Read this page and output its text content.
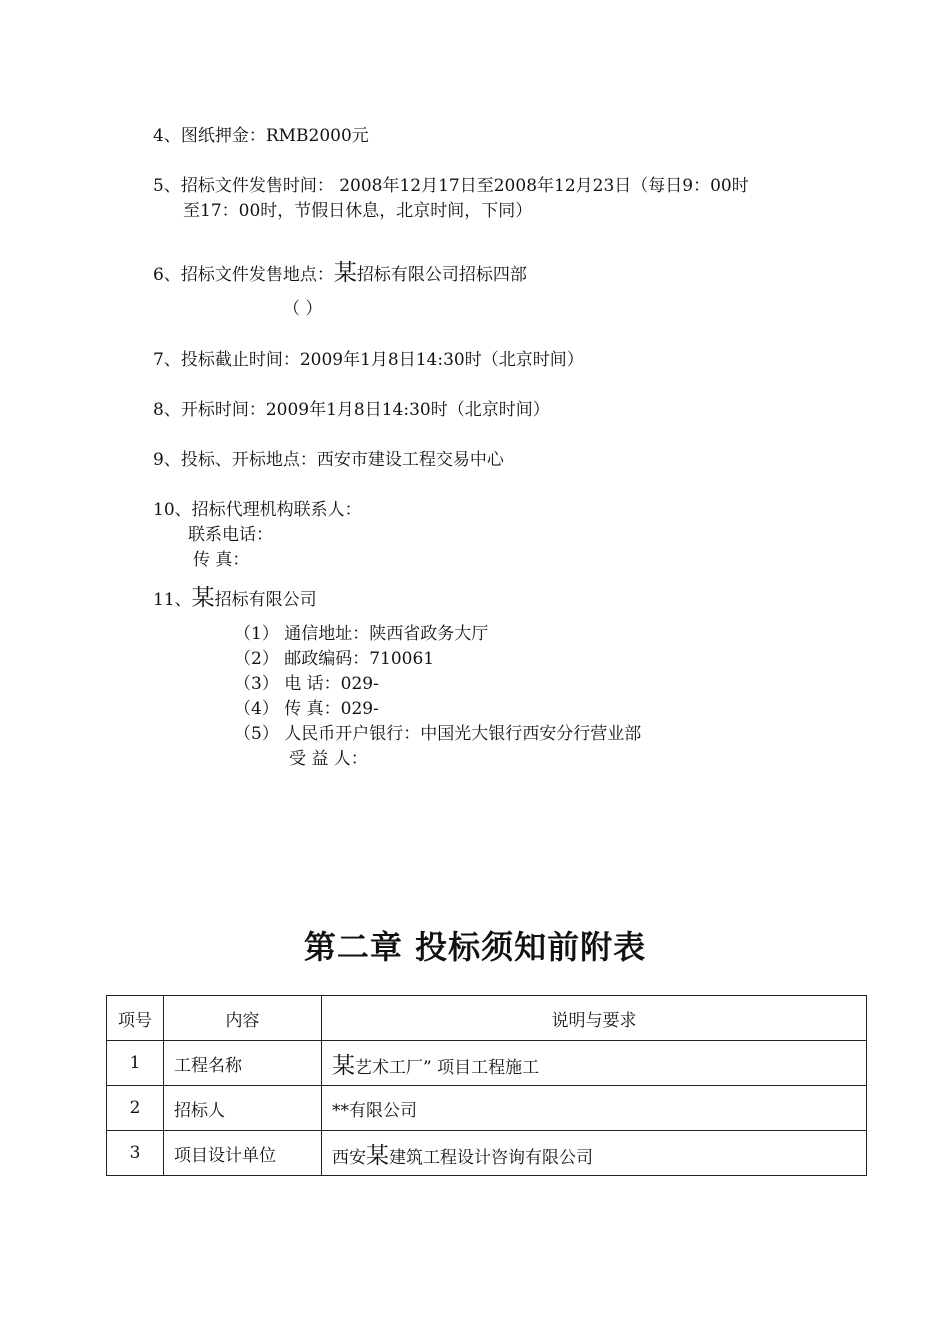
4、图纸押金：RMB2000元
5、招标文件发售时间： 2008年12月17日至2008年12月23日（每日9：00时
至17：00时，节假日休息，北京时间，下同）
6、招标文件发售地点：某招标有限公司招标四部
（ ）
7、投标截止时间：2009年1月8日14:30时（北京时间）
8、开标时间：2009年1月8日14:30时（北京时间）
9、投标、开标地点：西安市建设工程交易中心
10、招标代理机构联系人：
联系电话：
传 真：
11、某招标有限公司
（1） 通信地址：陕西省政务大厅
（2） 邮政编码：710061
（3） 电 话：029-
（4） 传 真：029-
（5） 人民币开户银行：中国光大银行西安分行营业部
受 益 人：
第二章 投标须知前附表
项号	内容	说明与要求
1	工程名称	某艺术工厂” 项目工程施工
2	招标人	**有限公司
3	项目设计单位	西安某建筑工程设计咨询有限公司
